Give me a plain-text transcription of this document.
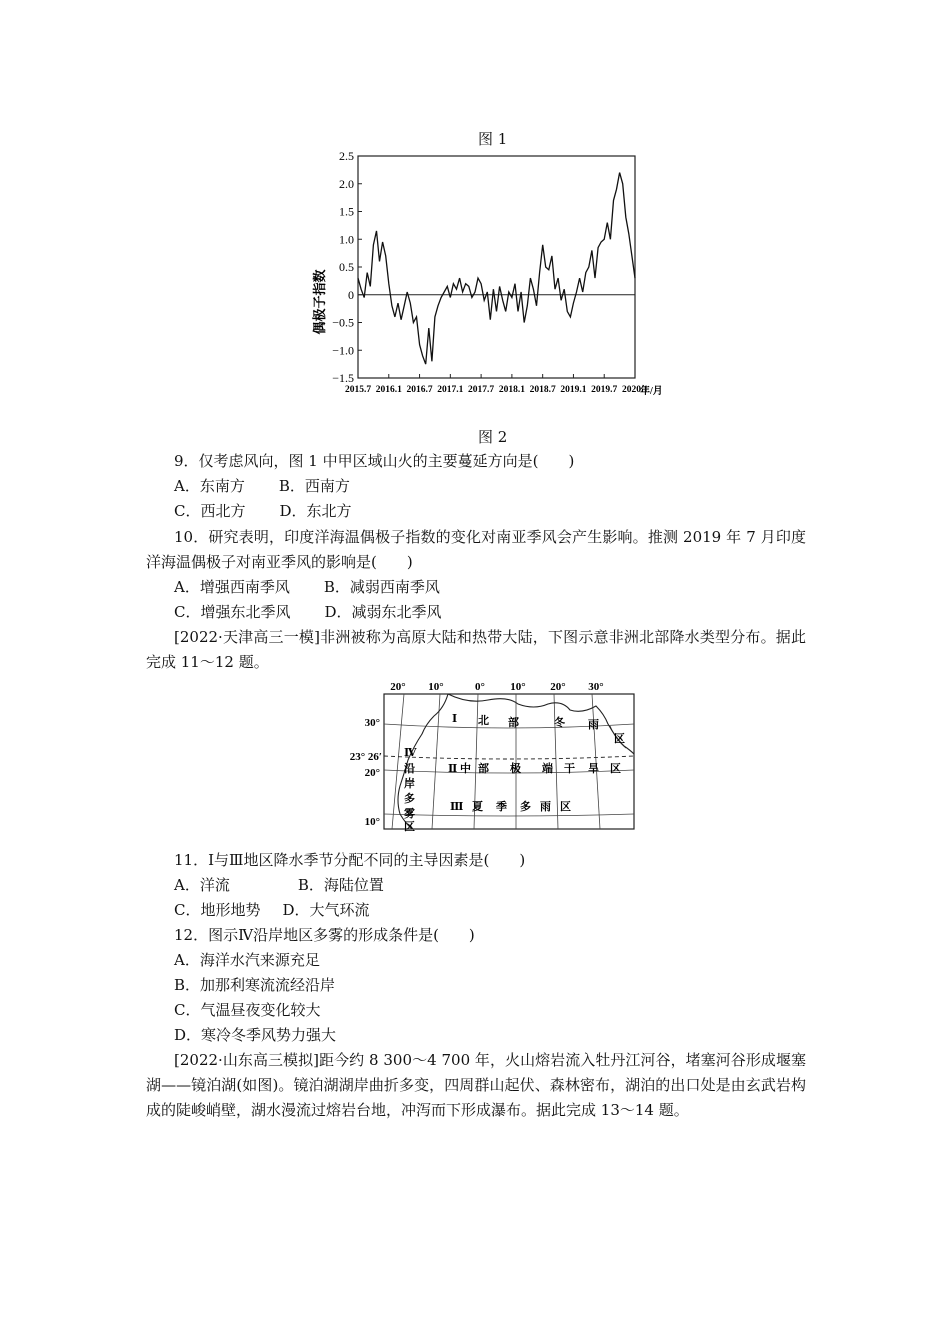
图 1
偶极子指数
2.5
2.0
1.5
1.0
0.5
0
−0.5
−1.0
−1.5
2015.7 2016.1 2016.7 2017.1 2017.7 2018.1 2018.7 2019.1 2019.7 2020.1
年/月
图 2
9．仅考虑风向，图 1 中甲区域山火的主要蔓延方向是(　　)
A．东南方 B．西南方
C．西北方 D．东北方
10．研究表明，印度洋海温偶极子指数的变化对南亚季风会产生影响。推测 2019 年 7 月印度洋海温偶极子对南亚季风的影响是(　　)
A．增强西南季风 B．减弱西南季风
C．增强东北季风 D．减弱东北季风
[2022·天津高三一模]非洲被称为高原大陆和热带大陆，下图示意非洲北部降水类型分布。据此完成 11～12 题。
20° 10°	0° 10° 20° 30°
30°
23° 26′
20°
10°
Ⅰ 北 部	冬 雨
区
Ⅱ 中 部 极 端 干 旱 区
Ⅲ 夏 季 多 雨 区
Ⅳ
沿
岸
多
雾
区
11．Ⅰ与Ⅲ地区降水季节分配不同的主导因素是(　　)
A．洋流	B．海陆位置
C．地形地势 D．大气环流
12．图示Ⅳ沿岸地区多雾的形成条件是(　　)
A．海洋水汽来源充足
B．加那利寒流流经沿岸
C．气温昼夜变化较大
D．寒冷冬季风势力强大
[2022·山东高三模拟]距今约 8 300～4 700 年，火山熔岩流入牡丹江河谷，堵塞河谷形成堰塞湖——镜泊湖(如图)。镜泊湖湖岸曲折多变，四周群山起伏、森林密布，湖泊的出口处是由玄武岩构成的陡峻峭壁，湖水漫流过熔岩台地，冲泻而下形成瀑布。据此完成 13～14 题。
